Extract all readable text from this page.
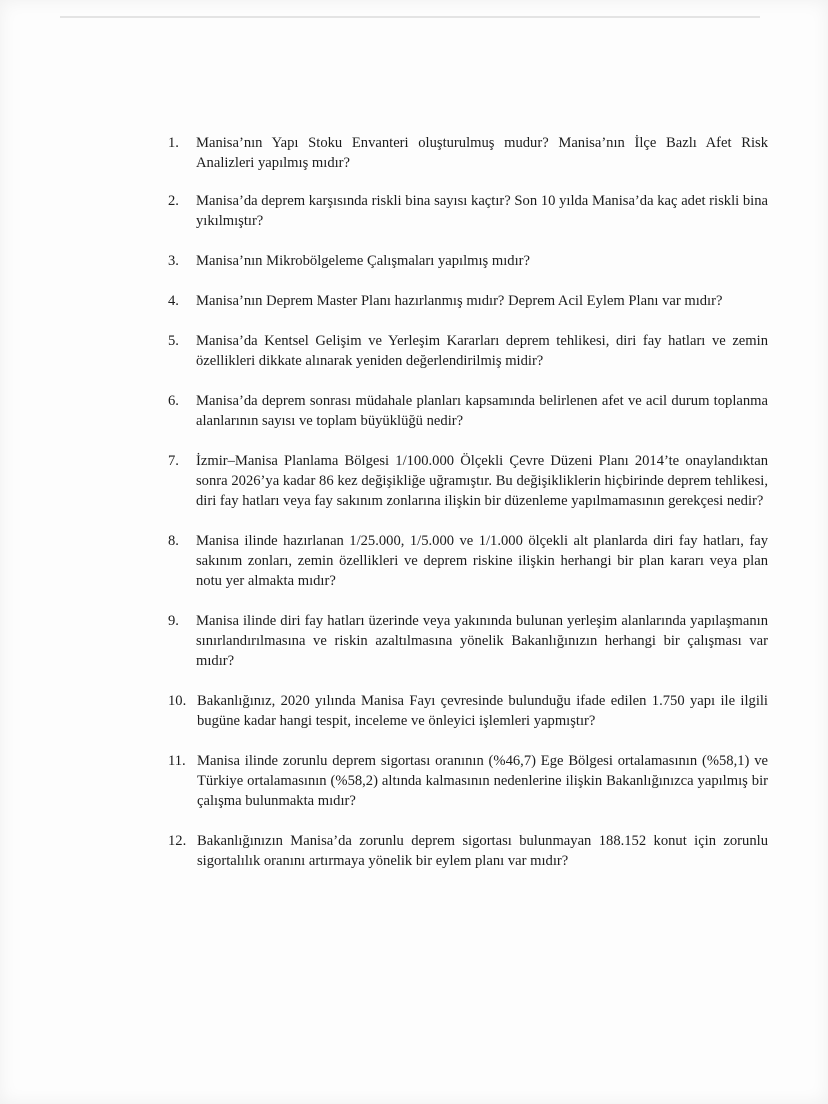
1. Manisa’nın Yapı Stoku Envanteri oluşturulmuş mudur? Manisa’nın İlçe Bazlı Afet Risk Analizleri yapılmış mıdır?
2. Manisa’da deprem karşısında riskli bina sayısı kaçtır? Son 10 yılda Manisa’da kaç adet riskli bina yıkılmıştır?
3. Manisa’nın Mikrobölgeleme Çalışmaları yapılmış mıdır?
4. Manisa’nın Deprem Master Planı hazırlanmış mıdır? Deprem Acil Eylem Planı var mıdır?
5. Manisa’da Kentsel Gelişim ve Yerleşim Kararları deprem tehlikesi, diri fay hatları ve zemin özellikleri dikkate alınarak yeniden değerlendirilmiş midir?
6. Manisa’da deprem sonrası müdahale planları kapsamında belirlenen afet ve acil durum toplanma alanlarının sayısı ve toplam büyüklüğü nedir?
7. İzmir–Manisa Planlama Bölgesi 1/100.000 Ölçekli Çevre Düzeni Planı 2014’te onaylandıktan sonra 2026’ya kadar 86 kez değişikliğe uğramıştır. Bu değişikliklerin hiçbirinde deprem tehlikesi, diri fay hatları veya fay sakınım zonlarına ilişkin bir düzenleme yapılmamasının gerekçesi nedir?
8. Manisa ilinde hazırlanan 1/25.000, 1/5.000 ve 1/1.000 ölçekli alt planlarda diri fay hatları, fay sakınım zonları, zemin özellikleri ve deprem riskine ilişkin herhangi bir plan kararı veya plan notu yer almakta mıdır?
9. Manisa ilinde diri fay hatları üzerinde veya yakınında bulunan yerleşim alanlarında yapılaşmanın sınırlandırılmasına ve riskin azaltılmasına yönelik Bakanlığınızın herhangi bir çalışması var mıdır?
10. Bakanlığınız, 2020 yılında Manisa Fayı çevresinde bulunduğu ifade edilen 1.750 yapı ile ilgili bugüne kadar hangi tespit, inceleme ve önleyici işlemleri yapmıştır?
11. Manisa ilinde zorunlu deprem sigortası oranının (%46,7) Ege Bölgesi ortalamasının (%58,1) ve Türkiye ortalamasının (%58,2) altında kalmasının nedenlerine ilişkin Bakanlığınızca yapılmış bir çalışma bulunmakta mıdır?
12. Bakanlığınızın Manisa’da zorunlu deprem sigortası bulunmayan 188.152 konut için zorunlu sigortalılık oranını artırmaya yönelik bir eylem planı var mıdır?
